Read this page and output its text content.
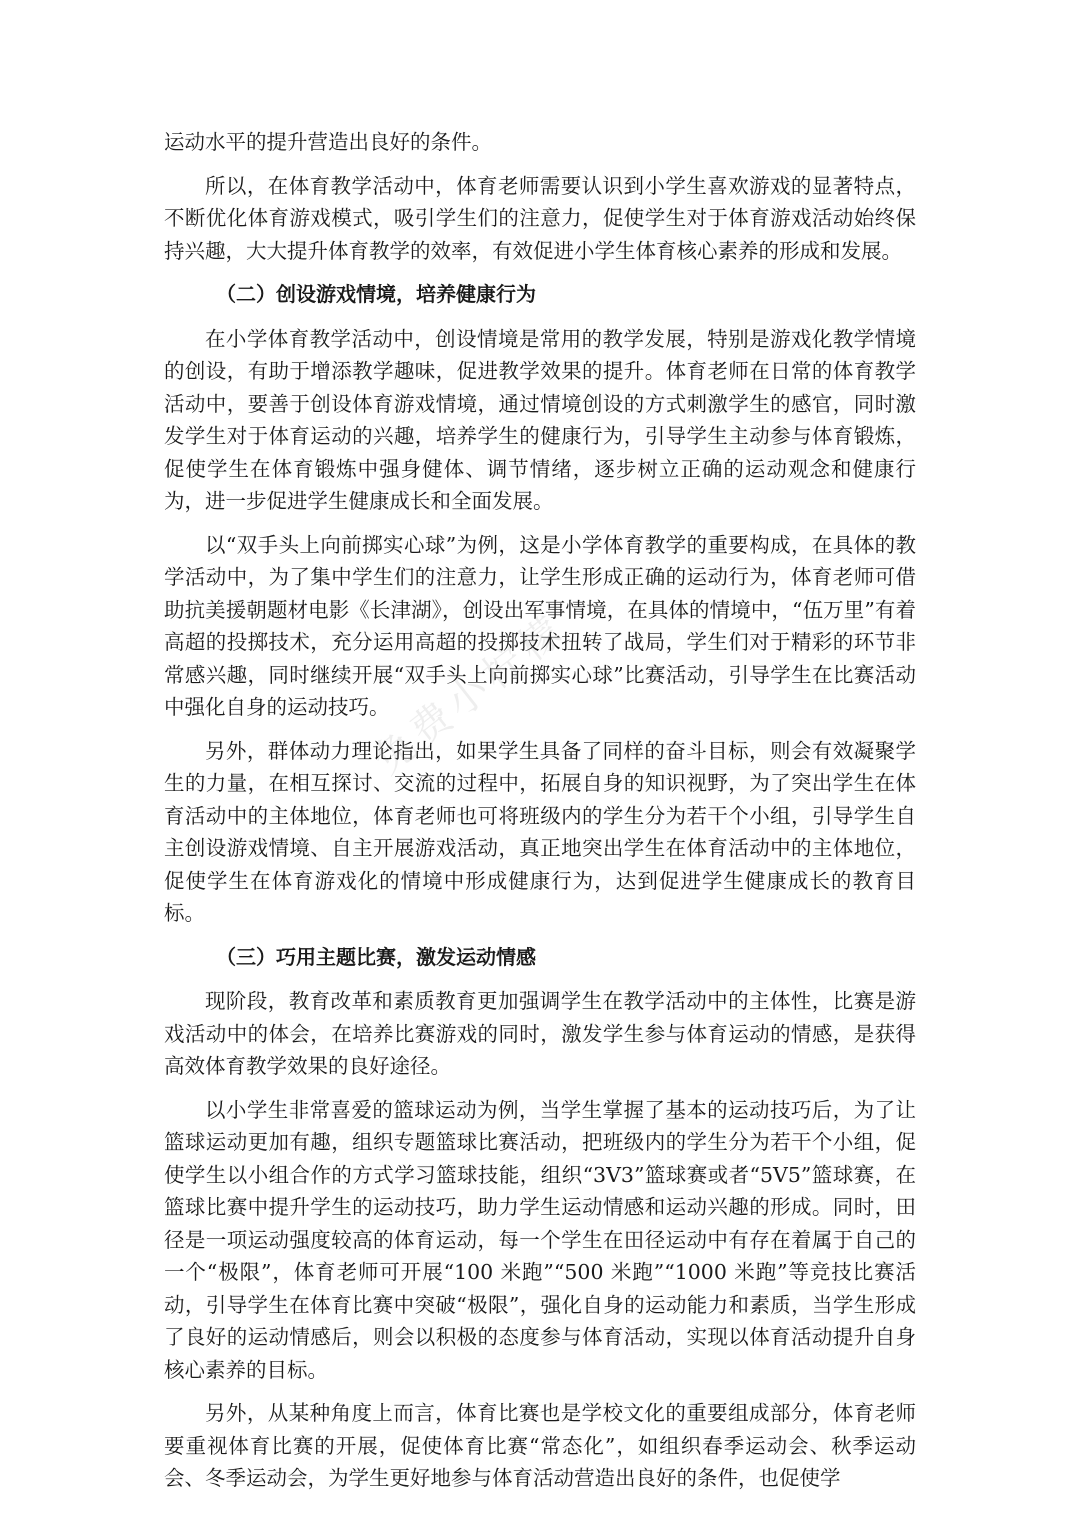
运动水平的提升营造出良好的条件。

所以，在体育教学活动中，体育老师需要认识到小学生喜欢游戏的显著特点，不断优化体育游戏模式，吸引学生们的注意力，促使学生对于体育游戏活动始终保持兴趣，大大提升体育教学的效率，有效促进小学生体育核心素养的形成和发展。

（二）创设游戏情境，培养健康行为

在小学体育教学活动中，创设情境是常用的教学发展，特别是游戏化教学情境的创设，有助于增添教学趣味，促进教学效果的提升。体育老师在日常的体育教学活动中，要善于创设体育游戏情境，通过情境创设的方式刺激学生的感官，同时激发学生对于体育运动的兴趣，培养学生的健康行为，引导学生主动参与体育锻炼，促使学生在体育锻炼中强身健体、调节情绪，逐步树立正确的运动观念和健康行为，进一步促进学生健康成长和全面发展。

以“双手头上向前掷实心球”为例，这是小学体育教学的重要构成，在具体的教学活动中，为了集中学生们的注意力，让学生形成正确的运动行为，体育老师可借助抗美援朝题材电影《长津湖》，创设出军事情境，在具体的情境中，“伍万里”有着高超的投掷技术，充分运用高超的投掷技术扭转了战局，学生们对于精彩的环节非常感兴趣，同时继续开展“双手头上向前掷实心球”比赛活动，引导学生在比赛活动中强化自身的运动技巧。

另外，群体动力理论指出，如果学生具备了同样的奋斗目标，则会有效凝聚学生的力量，在相互探讨、交流的过程中，拓展自身的知识视野，为了突出学生在体育活动中的主体地位，体育老师也可将班级内的学生分为若干个小组，引导学生自主创设游戏情境、自主开展游戏活动，真正地突出学生在体育活动中的主体地位，促使学生在体育游戏化的情境中形成健康行为，达到促进学生健康成长的教育目标。

（三）巧用主题比赛，激发运动情感

现阶段，教育改革和素质教育更加强调学生在教学活动中的主体性，比赛是游戏活动中的体会，在培养比赛游戏的同时，激发学生参与体育运动的情感，是获得高效体育教学效果的良好途径。

以小学生非常喜爱的篮球运动为例，当学生掌握了基本的运动技巧后，为了让篮球运动更加有趣，组织专题篮球比赛活动，把班级内的学生分为若干个小组，促使学生以小组合作的方式学习篮球技能，组织“3V3”篮球赛或者“5V5”篮球赛，在篮球比赛中提升学生的运动技巧，助力学生运动情感和运动兴趣的形成。同时，田径是一项运动强度较高的体育运动，每一个学生在田径运动中有存在着属于自己的一个“极限”，体育老师可开展“100 米跑”“500 米跑”“1000 米跑”等竞技比赛活动，引导学生在体育比赛中突破“极限”，强化自身的运动能力和素质，当学生形成了良好的运动情感后，则会以积极的态度参与体育活动，实现以体育活动提升自身核心素养的目标。

另外，从某种角度上而言，体育比赛也是学校文化的重要组成部分，体育老师要重视体育比赛的开展，促使体育比赛“常态化”，如组织春季运动会、秋季运动会、冬季运动会，为学生更好地参与体育活动营造出良好的条件，也促使学

免费小柠檬
